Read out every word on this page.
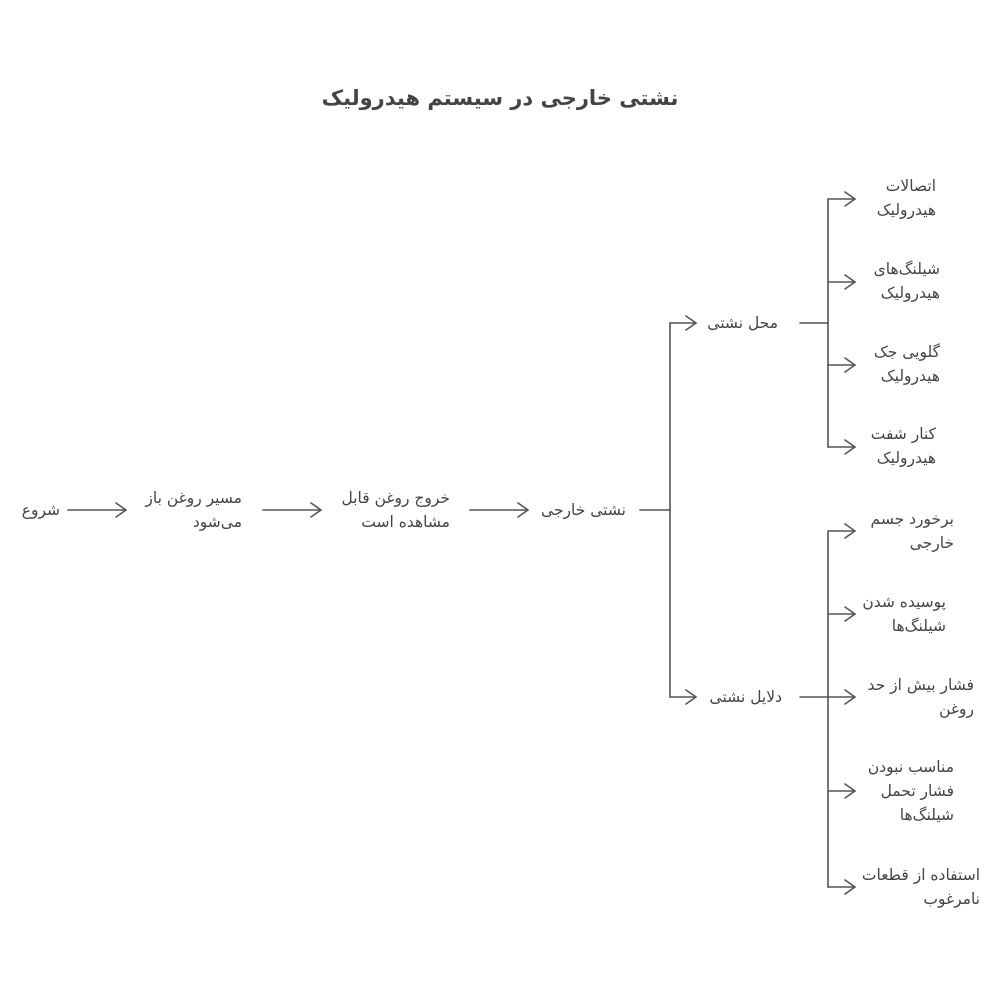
نشتی خارجی در سیستم هیدرولیک
شروع
مسیر روغن باز
می‌شود
خروج روغن قابل
مشاهده است
نشتی خارجی
محل نشتی
دلایل نشتی
اتصالات
هیدرولیک
شیلنگ‌های
هیدرولیک
گلویی جک
هیدرولیک
کنار شفت
هیدرولیک
برخورد جسم
خارجی
پوسیده شدن
شیلنگ‌ها
فشار بیش از حد
روغن
مناسب نبودن
فشار تحمل
شیلنگ‌ها
استفاده از قطعات
نامرغوب
